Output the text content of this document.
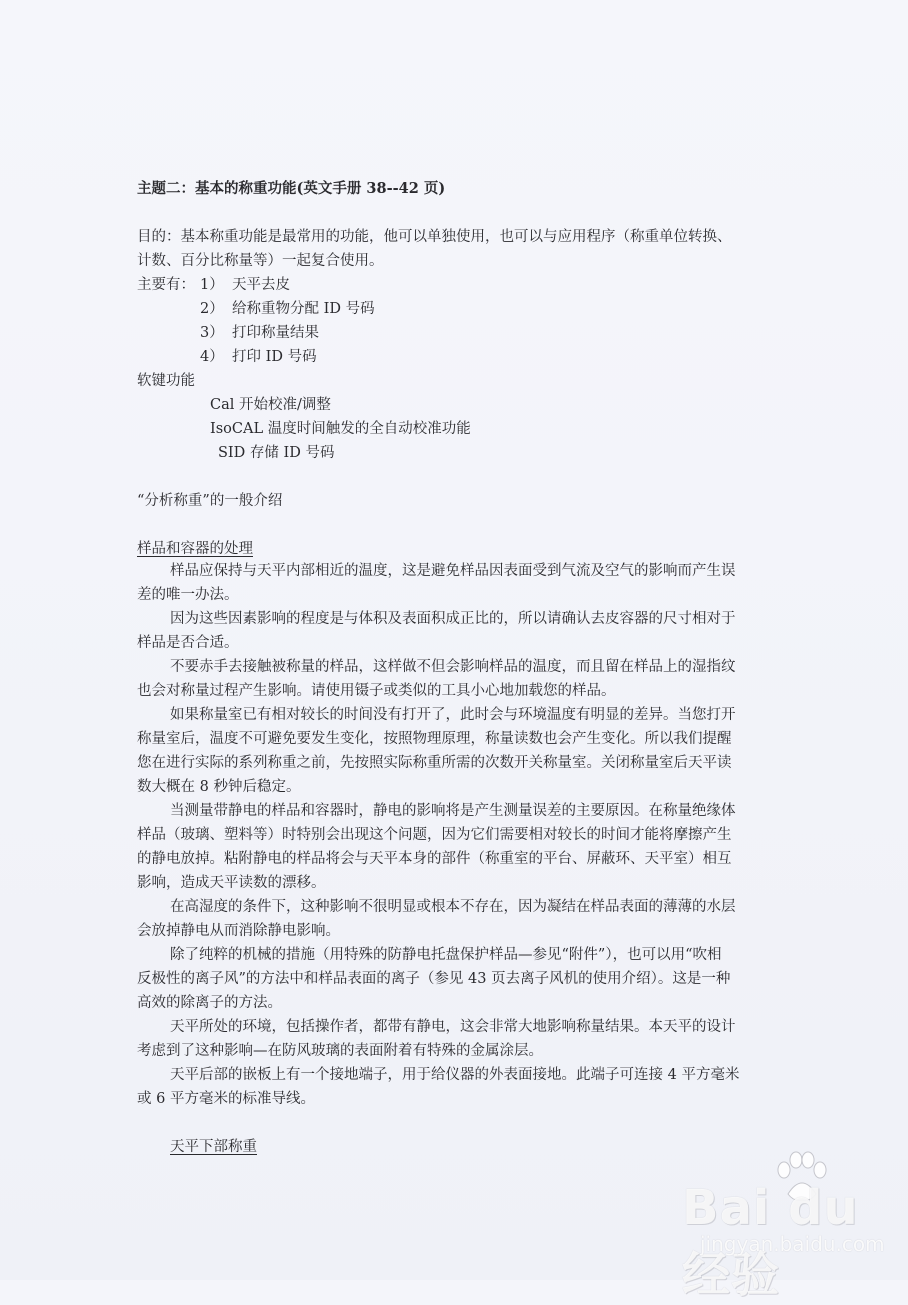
主题二：基本的称重功能(英文手册 38--42 页)
目的：基本称重功能是最常用的功能，他可以单独使用，也可以与应用程序（称重单位转换、
计数、百分比称量等）一起复合使用。
主要有： 1） 天平去皮
2） 给称重物分配 ID 号码
3） 打印称量结果
4） 打印 ID 号码
软键功能
Cal 开始校准/调整
IsoCAL 温度时间触发的全自动校准功能
SID 存储 ID 号码
“分析称重”的一般介绍
样品和容器的处理
样品应保持与天平内部相近的温度，这是避免样品因表面受到气流及空气的影响而产生误
差的唯一办法。
因为这些因素影响的程度是与体积及表面积成正比的，所以请确认去皮容器的尺寸相对于
样品是否合适。
不要赤手去接触被称量的样品，这样做不但会影响样品的温度，而且留在样品上的湿指纹
也会对称量过程产生影响。请使用镊子或类似的工具小心地加载您的样品。
如果称量室已有相对较长的时间没有打开了，此时会与环境温度有明显的差异。当您打开
称量室后，温度不可避免要发生变化，按照物理原理，称量读数也会产生变化。所以我们提醒
您在进行实际的系列称重之前，先按照实际称重所需的次数开关称量室。关闭称量室后天平读
数大概在 8 秒钟后稳定。
当测量带静电的样品和容器时，静电的影响将是产生测量误差的主要原因。在称量绝缘体
样品（玻璃、塑料等）时特别会出现这个问题，因为它们需要相对较长的时间才能将摩擦产生
的静电放掉。粘附静电的样品将会与天平本身的部件（称重室的平台、屏蔽环、天平室）相互
影响，造成天平读数的漂移。
在高湿度的条件下，这种影响不很明显或根本不存在，因为凝结在样品表面的薄薄的水层
会放掉静电从而消除静电影响。
除了纯粹的机械的措施（用特殊的防静电托盘保护样品—参见“附件”），也可以用“吹相
反极性的离子风”的方法中和样品表面的离子（参见 43 页去离子风机的使用介绍）。这是一种
高效的除离子的方法。
天平所处的环境，包括操作者，都带有静电，这会非常大地影响称量结果。本天平的设计
考虑到了这种影响—在防风玻璃的表面附着有特殊的金属涂层。
天平后部的嵌板上有一个接地端子，用于给仪器的外表面接地。此端子可连接 4 平方毫米
或 6 平方毫米的标准导线。
天平下部称重
Bai du 经验
jingyan.baidu.com
